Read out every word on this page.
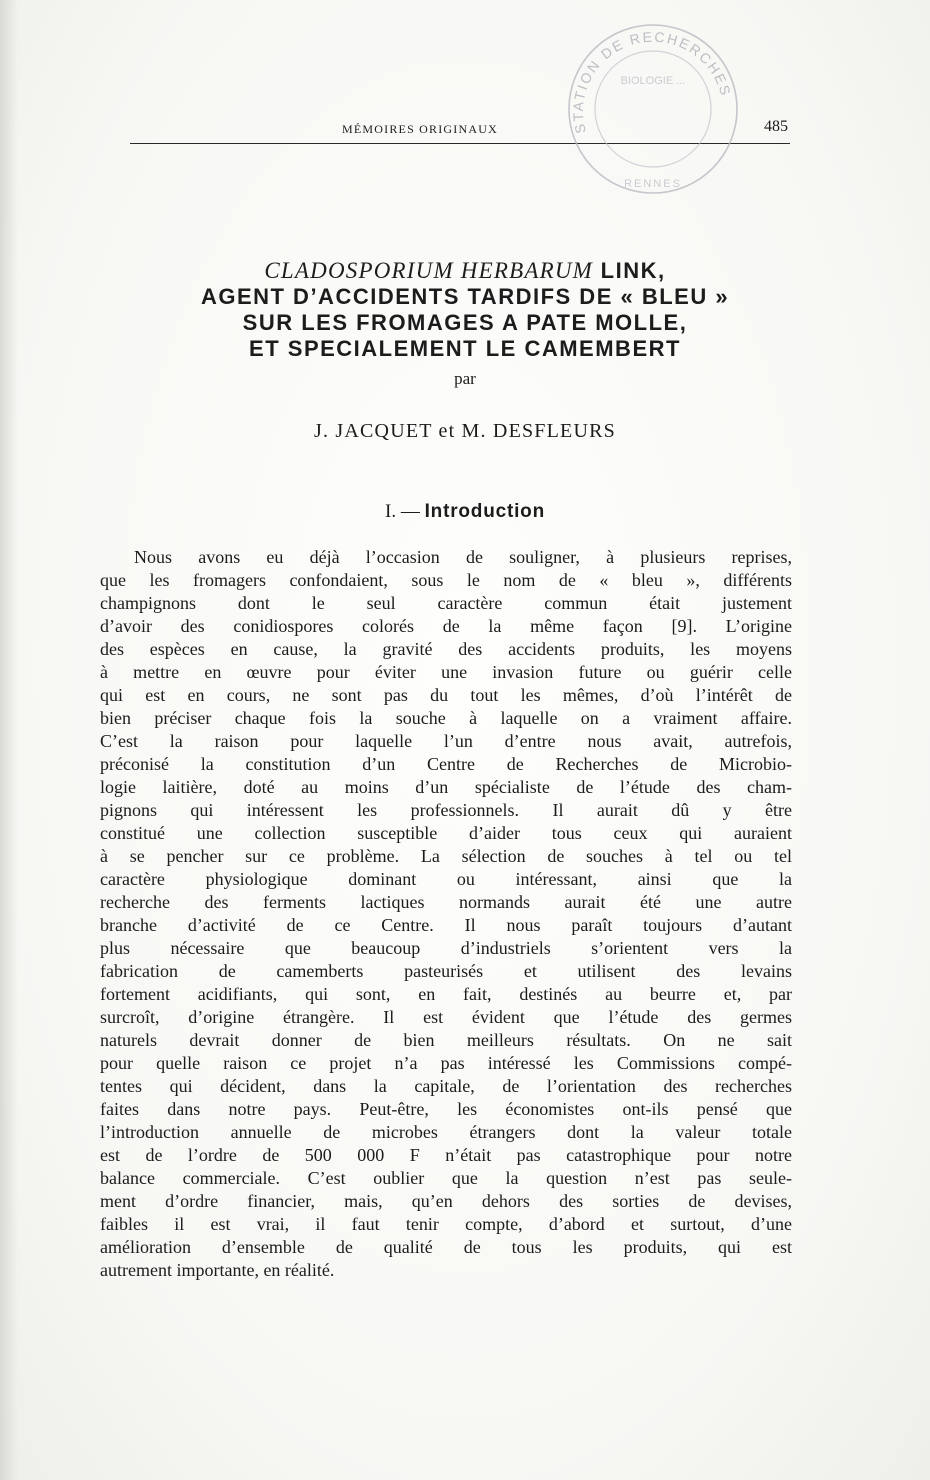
MÉMOIRES ORIGINAUX	485
STATION DE RECHERCHES
BIOLOGIE ...
RENNES
CLADOSPORIUM HERBARUM LINK,
AGENT D’ACCIDENTS TARDIFS DE « BLEU »
SUR LES FROMAGES A PATE MOLLE,
ET SPECIALEMENT LE CAMEMBERT
par
J. JACQUET et M. DESFLEURS
I. — Introduction
Nous avons eu déjà l’occasion de souligner, à plusieurs reprises,
que les fromagers confondaient, sous le nom de « bleu », différents
champignons dont le seul caractère commun était justement
d’avoir des conidiospores colorés de la même façon [9]. L’origine
des espèces en cause, la gravité des accidents produits, les moyens
à mettre en œuvre pour éviter une invasion future ou guérir celle
qui est en cours, ne sont pas du tout les mêmes, d’où l’intérêt de
bien préciser chaque fois la souche à laquelle on a vraiment affaire.
C’est la raison pour laquelle l’un d’entre nous avait, autrefois,
préconisé la constitution d’un Centre de Recherches de Microbio-
logie laitière, doté au moins d’un spécialiste de l’étude des cham-
pignons qui intéressent les professionnels. Il aurait dû y être
constitué une collection susceptible d’aider tous ceux qui auraient
à se pencher sur ce problème. La sélection de souches à tel ou tel
caractère physiologique dominant ou intéressant, ainsi que la
recherche des ferments lactiques normands aurait été une autre
branche d’activité de ce Centre. Il nous paraît toujours d’autant
plus nécessaire que beaucoup d’industriels s’orientent vers la
fabrication de camemberts pasteurisés et utilisent des levains
fortement acidifiants, qui sont, en fait, destinés au beurre et, par
surcroît, d’origine étrangère. Il est évident que l’étude des germes
naturels devrait donner de bien meilleurs résultats. On ne sait
pour quelle raison ce projet n’a pas intéressé les Commissions compé-
tentes qui décident, dans la capitale, de l’orientation des recherches
faites dans notre pays. Peut-être, les économistes ont-ils pensé que
l’introduction annuelle de microbes étrangers dont la valeur totale
est de l’ordre de 500 000 F n’était pas catastrophique pour notre
balance commerciale. C’est oublier que la question n’est pas seule-
ment d’ordre financier, mais, qu’en dehors des sorties de devises,
faibles il est vrai, il faut tenir compte, d’abord et surtout, d’une
amélioration d’ensemble de qualité de tous les produits, qui est
autrement importante, en réalité.
